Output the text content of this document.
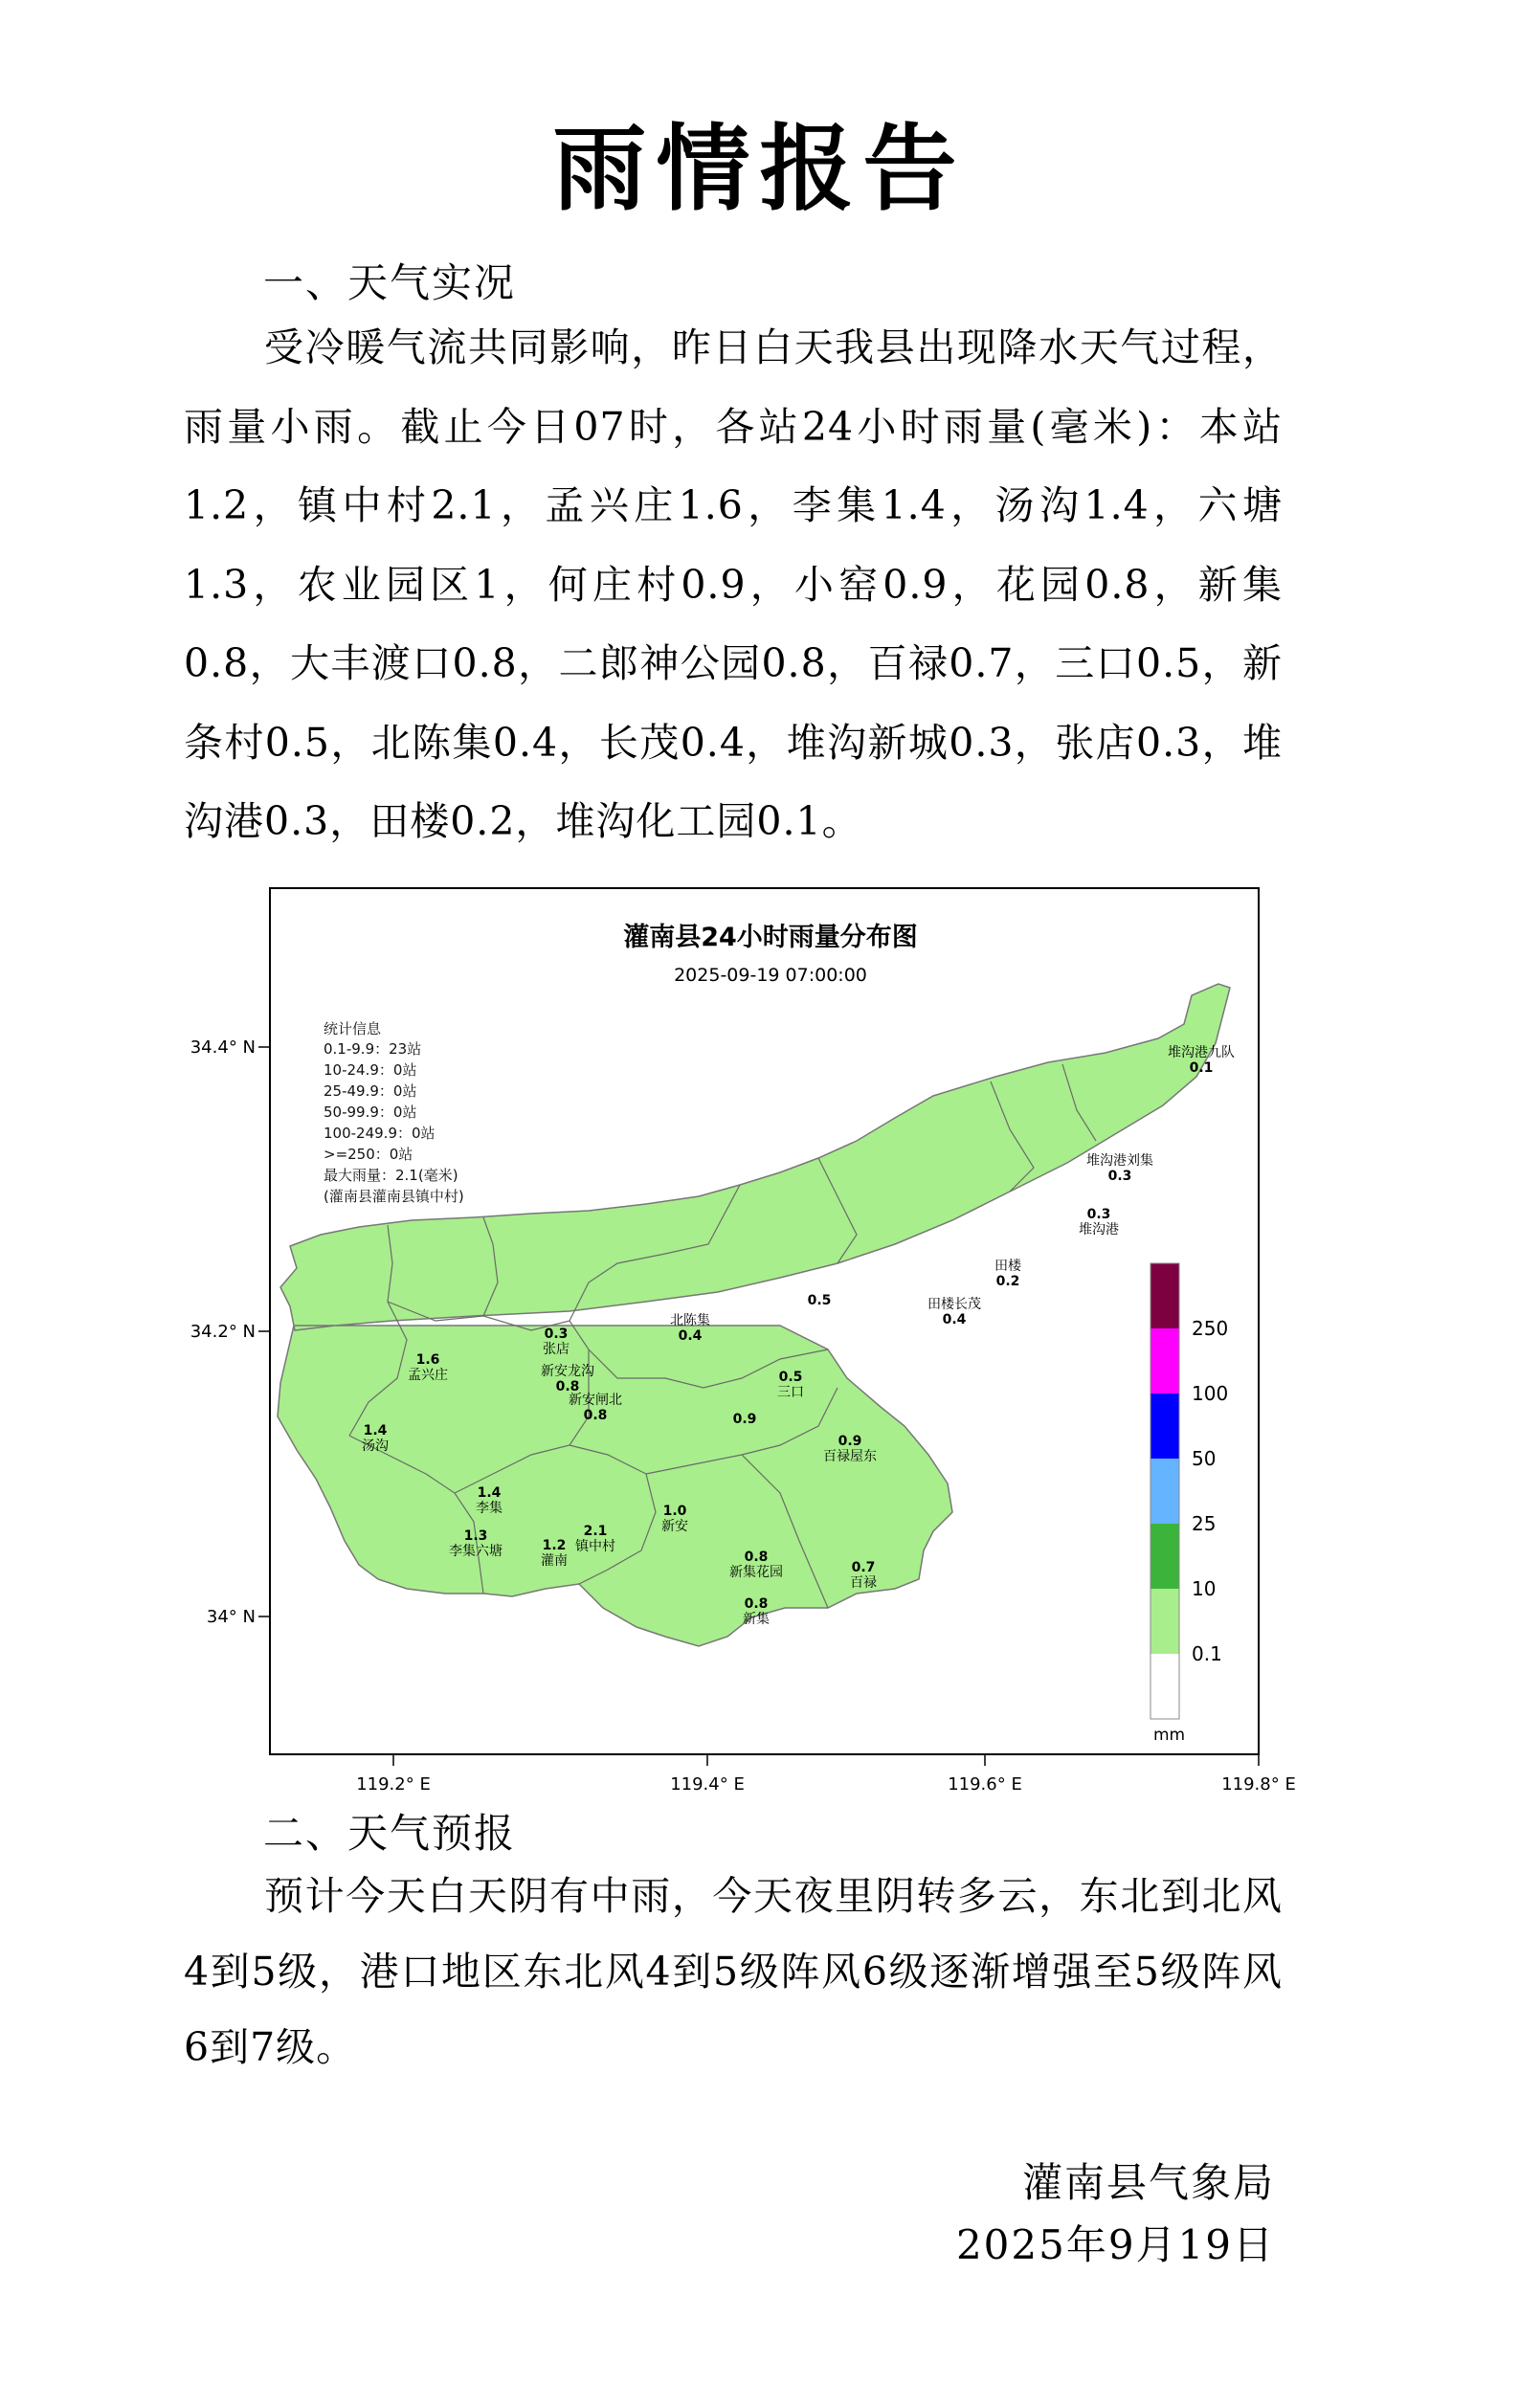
雨情报告
一、天气实况

受冷暖气流共同影响，昨日白天我县出现降水天气过程，雨量小雨。截止今日07时，各站24小时雨量(毫米)：本站1.2，镇中村2.1，孟兴庄1.6，李集1.4，汤沟1.4，六塘1.3，农业园区1，何庄村0.9，小窑0.9，花园0.8，新集0.8，大丰渡口0.8，二郎神公园0.8，百禄0.7，三口0.5，新条村0.5，北陈集0.4，长茂0.4，堆沟新城0.3，张店0.3，堆沟港0.3，田楼0.2，堆沟化工园0.1。

灌南县24小时雨量分布图
2025-09-19 07:00:00
统计信息
0.1-9.9：23站
10-24.9：0站
25-49.9：0站
50-99.9：0站
100-249.9：0站
>=250：0站
最大雨量：2.1(毫米)
(灌南县灌南县镇中村)
34.4° N
34.2° N
34° N
119.2° E	119.4° E	119.6° E	119.8° E
250
100
50
25
10
0.1
mm
0.1
堆沟港九队
0.3
堆沟港刘集
0.3
堆沟港
0.2
田楼
0.4
田楼长茂
0.5
0.3
张店
0.4
北陈集
1.6
孟兴庄
0.8
新安龙沟
0.8
新安闸北
0.5
三口
0.9
0.9
百禄屋东
1.4
汤沟
1.4
李集
1.3
李集六塘
2.1
镇中村
1.2
灌南
1.0
新安
0.8
新集花园	0.7
百禄
0.8
新集
二、天气预报

预计今天白天阴有中雨，今天夜里阴转多云，东北到北风4到5级，港口地区东北风4到5级阵风6级逐渐增强至5级阵风6到7级。

灌南县气象局
2025年9月19日
